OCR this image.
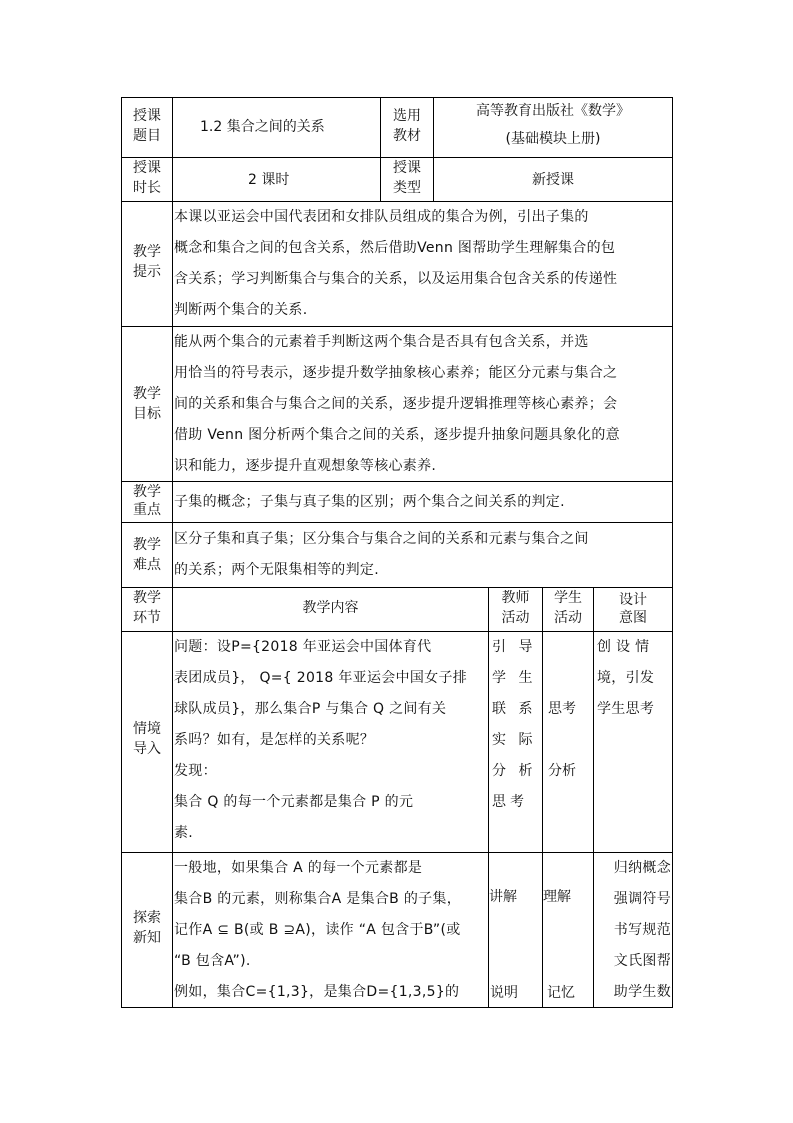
授课
题目
1.2 集合之间的关系
选用
教材
高等教育出版社《数学》
(基础模块上册)
授课
时长	2 课时
授课
类型	新授课
教学
提示
本课以亚运会中国代表团和女排队员组成的集合为例，引出子集的
概念和集合之间的包含关系，然后借助Venn 图帮助学生理解集合的包
含关系；学习判断集合与集合的关系，以及运用集合包含关系的传递性
判断两个集合的关系.
教学
目标
能从两个集合的元素着手判断这两个集合是否具有包含关系，并选
用恰当的符号表示，逐步提升数学抽象核心素养；能区分元素与集合之
间的关系和集合与集合之间的关系，逐步提升逻辑推理等核心素养；会
借助 Venn 图分析两个集合之间的关系，逐步提升抽象问题具象化的意
识和能力，逐步提升直观想象等核心素养.
教学
重点 子集的概念；子集与真子集的区别；两个集合之间关系的判定.
教学
难点
区分子集和真子集；区分集合与集合之间的关系和元素与集合之间
的关系；两个无限集相等的判定.
教学
环节
教学内容
教师
活动
学生
活动
设计
意图
情境
导入
问题：设P={2018 年亚运会中国体育代
表团成员}， Q={ 2018 年亚运会中国女子排
球队成员}，那么集合P 与集合 Q 之间有关
系吗？如有，是怎样的关系呢？
发现：
集合 Q 的每一个元素都是集合 P 的元
素.
引 导
学 生
联 系
实 际
分 析
思考
思考
分析
创 设 情
境，引发
学生思考
探索
新知
一般地，如果集合 A 的每一个元素都是
集合B 的元素，则称集合A 是集合B 的子集，
记作A ⊆ B(或 B ⊇A)，读作 “A 包含于B”(或
“B 包含A”).
例如，集合C={1,3}，是集合D={1,3,5}的
讲解
说明
理解
记忆
归纳概念
强调符号
书写规范
文氏图帮
助学生数
